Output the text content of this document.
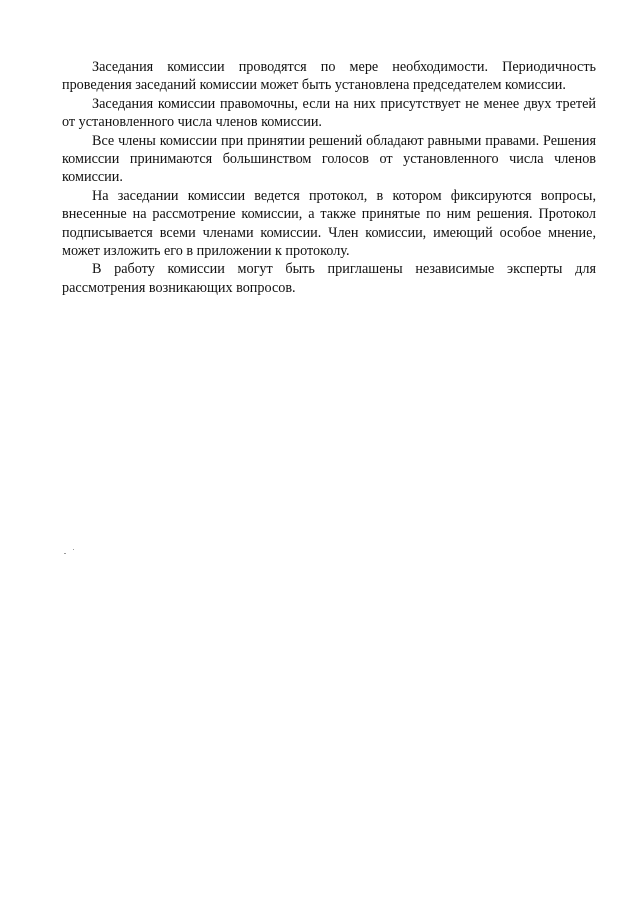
Заседания комиссии проводятся по мере необходимости. Периодичность проведения заседаний комиссии может быть установлена председателем комиссии.

Заседания комиссии правомочны, если на них присутствует не менее двух третей от установленного числа членов комиссии.

Все члены комиссии при принятии решений обладают равными правами. Решения комиссии принимаются большинством голосов от установленного числа членов комиссии.

На заседании комиссии ведется протокол, в котором фиксируются вопросы, внесенные на рассмотрение комиссии, а также принятые по ним решения. Протокол подписывается всеми членами комиссии. Член комиссии, имеющий особое мнение, может изложить его в приложении к протоколу.

В работу комиссии могут быть приглашены независимые эксперты для рассмотрения возникающих вопросов.
